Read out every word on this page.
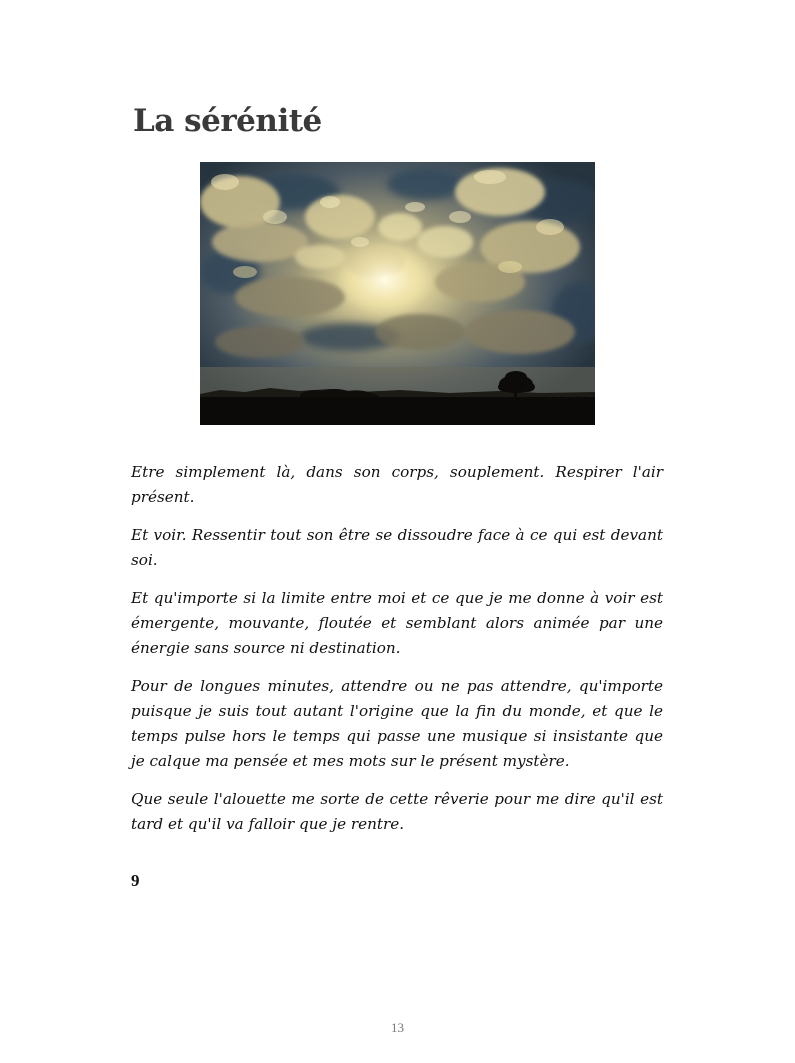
La sérénité

Etre simplement là, dans son corps, souplement. Respirer l'air présent.

Et voir. Ressentir tout son être se dissoudre face à ce qui est devant soi.

Et qu'importe si la limite entre moi et ce que je me donne à voir est émergente, mouvante, floutée et semblant alors animée par une énergie sans source ni destination.

Pour de longues minutes, attendre ou ne pas attendre, qu'importe puisque je suis tout autant l'origine que la fin du monde, et que le temps pulse hors le temps qui passe une musique si insistante que je calque ma pensée et mes mots sur le présent mystère.

Que seule l'alouette me sorte de cette rêverie pour me dire qu'il est tard et qu'il va falloir que je rentre.

9
13
